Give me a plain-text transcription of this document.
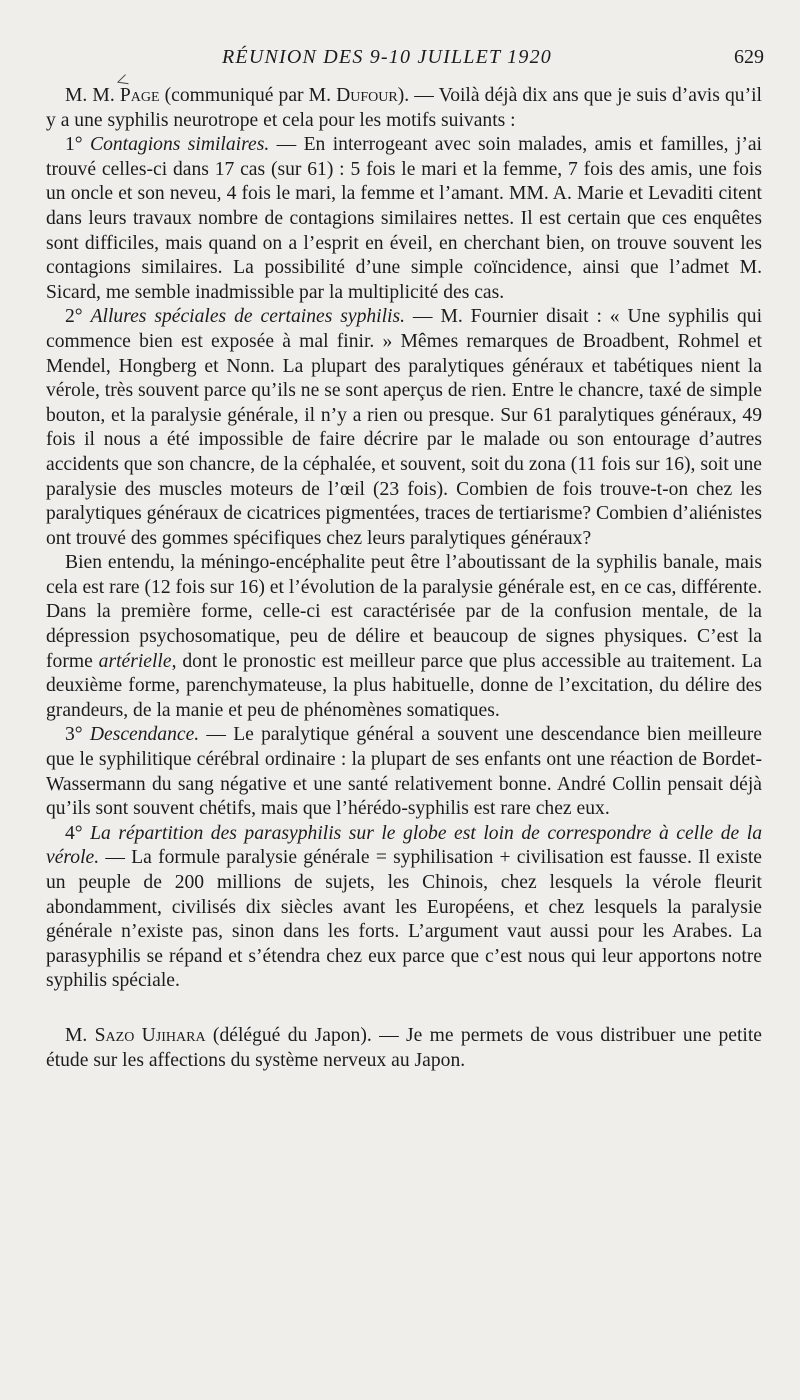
RÉUNION DES 9-10 JUILLET 1920	629
<

M. M. Page (communiqué par M. Dufour). — Voilà déjà dix ans que je suis d’avis qu’il y a une syphilis neurotrope et cela pour les motifs suivants :

1° Contagions similaires. — En interrogeant avec soin malades, amis et familles, j’ai trouvé celles-ci dans 17 cas (sur 61) : 5 fois le mari et la femme, 7 fois des amis, une fois un oncle et son neveu, 4 fois le mari, la femme et l’amant. MM. A. Marie et Levaditi citent dans leurs travaux nombre de contagions similaires nettes. Il est certain que ces enquêtes sont difficiles, mais quand on a l’esprit en éveil, en cherchant bien, on trouve souvent les contagions similaires. La possibilité d’une simple coïncidence, ainsi que l’admet M. Sicard, me semble inadmissible par la multiplicité des cas.

2° Allures spéciales de certaines syphilis. — M. Fournier disait : « Une syphilis qui commence bien est exposée à mal finir. » Mêmes remarques de Broadbent, Rohmel et Mendel, Hongberg et Nonn. La plupart des paralytiques généraux et tabétiques nient la vérole, très souvent parce qu’ils ne se sont aperçus de rien. Entre le chancre, taxé de simple bouton, et la paralysie générale, il n’y a rien ou presque. Sur 61 paralytiques généraux, 49 fois il nous a été impossible de faire décrire par le malade ou son entourage d’autres accidents que son chancre, de la céphalée, et souvent, soit du zona (11 fois sur 16), soit une paralysie des muscles moteurs de l’œil (23 fois). Combien de fois trouve-t-on chez les paralytiques généraux de cicatrices pigmentées, traces de tertiarisme? Combien d’aliénistes ont trouvé des gommes spécifiques chez leurs paralytiques généraux?

Bien entendu, la méningo-encéphalite peut être l’aboutissant de la syphilis banale, mais cela est rare (12 fois sur 16) et l’évolution de la paralysie générale est, en ce cas, différente. Dans la première forme, celle-ci est caractérisée par de la confusion mentale, de la dépression psychosomatique, peu de délire et beaucoup de signes physiques. C’est la forme artérielle, dont le pronostic est meilleur parce que plus accessible au traitement. La deuxième forme, parenchymateuse, la plus habituelle, donne de l’excitation, du délire des grandeurs, de la manie et peu de phénomènes somatiques.

3° Descendance. — Le paralytique général a souvent une descendance bien meilleure que le syphilitique cérébral ordinaire : la plupart de ses enfants ont une réaction de Bordet-Wassermann du sang négative et une santé relativement bonne. André Collin pensait déjà qu’ils sont souvent chétifs, mais que l’hérédo-syphilis est rare chez eux.

4° La répartition des parasyphilis sur le globe est loin de correspondre à celle de la vérole. — La formule paralysie générale = syphilisation + civilisation est fausse. Il existe un peuple de 200 millions de sujets, les Chinois, chez lesquels la vérole fleurit abondamment, civilisés dix siècles avant les Européens, et chez lesquels la paralysie générale n’existe pas, sinon dans les forts. L’argument vaut aussi pour les Arabes. La parasyphilis se répand et s’étendra chez eux parce que c’est nous qui leur apportons notre syphilis spéciale.

M. Sazo Ujihara (délégué du Japon). — Je me permets de vous distribuer une petite étude sur les affections du système nerveux au Japon.
